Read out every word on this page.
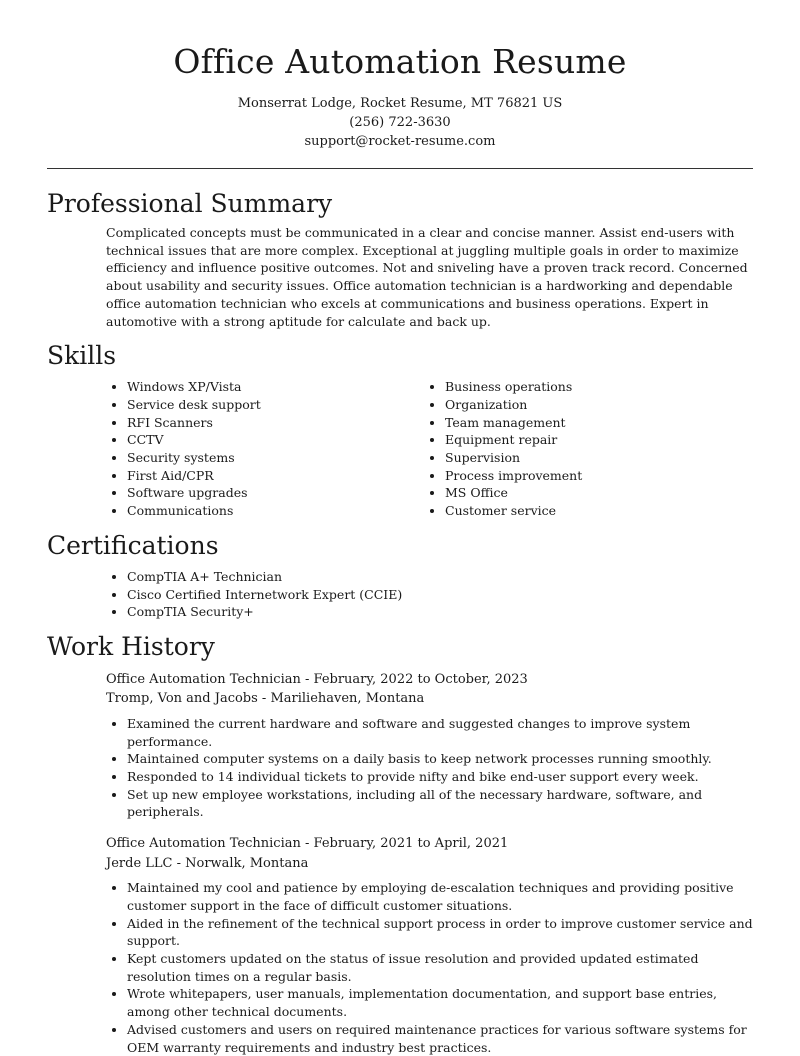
Office Automation Resume
Monserrat Lodge, Rocket Resume, MT 76821 US
(256) 722-3630
support@rocket-resume.com
Professional Summary

Complicated concepts must be communicated in a clear and concise manner. Assist end-users with technical issues that are more complex. Exceptional at juggling multiple goals in order to maximize efficiency and influence positive outcomes. Not and sniveling have a proven track record. Concerned about usability and security issues. Office automation technician is a hardworking and dependable office automation technician who excels at communications and business operations. Expert in automotive with a strong aptitude for calculate and back up.

Skills
• Windows XP/Vista
• Service desk support
• RFI Scanners
• CCTV
• Security systems
• First Aid/CPR
• Software upgrades
• Communications
• Business operations
• Organization
• Team management
• Equipment repair
• Supervision
• Process improvement
• MS Office
• Customer service
Certifications
• CompTIA A+ Technician
• Cisco Certified Internetwork Expert (CCIE)
• CompTIA Security+
Work History
Office Automation Technician - February, 2022 to October, 2023
Tromp, Von and Jacobs - Mariliehaven, Montana
• Examined the current hardware and software and suggested changes to improve system performance.
• Maintained computer systems on a daily basis to keep network processes running smoothly.
• Responded to 14 individual tickets to provide nifty and bike end-user support every week.
• Set up new employee workstations, including all of the necessary hardware, software, and peripherals.
Office Automation Technician - February, 2021 to April, 2021
Jerde LLC - Norwalk, Montana
• Maintained my cool and patience by employing de-escalation techniques and providing positive customer support in the face of difficult customer situations.
• Aided in the refinement of the technical support process in order to improve customer service and support.
• Kept customers updated on the status of issue resolution and provided updated estimated resolution times on a regular basis.
• Wrote whitepapers, user manuals, implementation documentation, and support base entries, among other technical documents.
• Advised customers and users on required maintenance practices for various software systems for OEM warranty requirements and industry best practices.
